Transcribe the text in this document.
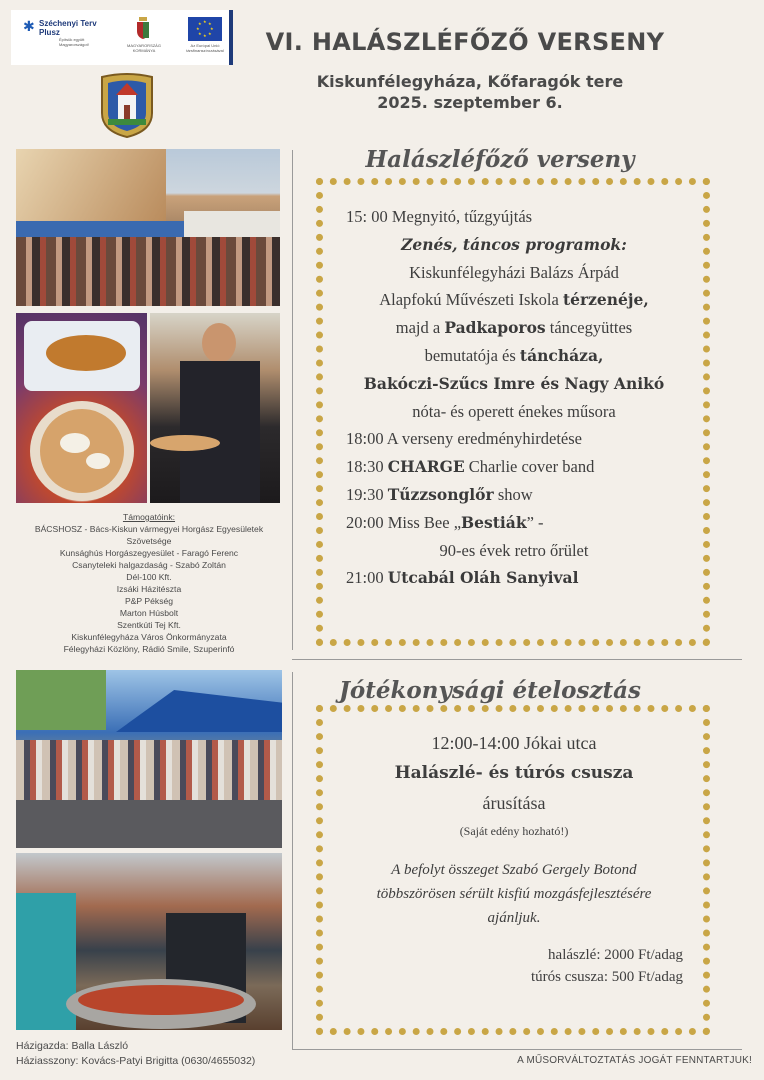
✱ Széchenyi Terv Plusz
Építsük együtt Magyarországot!	MAGYARORSZÁG KORMÁNYA
★ ★
★
★
★
★
★
★
Az Európai Unió társfinanszírozásával	VI. HALÁSZLÉFŐZŐ VERSENY
Kiskunfélegyháza, Kőfaragók tere
2025. szeptember 6.
Támogatóink:
BÁCSHOSZ - Bács-Kiskun vármegyei Horgász Egyesületek
Szövetsége
Kunsághús Horgászegyesület - Faragó Ferenc
Csanyteleki halgazdaság - Szabó Zoltán
Dél-100 Kft.
Izsáki Házitészta
P&P Pékség
Marton Húsbolt
Szentkúti Tej Kft.
Kiskunfélegyháza Város Önkormányzata
Félegyházi Közlöny, Rádió Smile, Szuperinfó
Halászléfőző verseny
15: 00 Megnyitó, tűzgyújtás
Zenés, táncos programok:
Kiskunfélegyházi Balázs Árpád
Alapfokú Művészeti Iskola térzenéje,
majd a Padkaporos táncegyüttes
bemutatója és táncháza,
Bakóczi-Szűcs Imre és Nagy Anikó
nóta- és operett énekes műsora
18:00 A verseny eredményhirdetése
18:30 CHARGE Charlie cover band
19:30 Tűzzsonglőr show
20:00 Miss Bee „Bestiák” -
90-es évek retro őrület
21:00 Utcabál Oláh Sanyival
Jótékonysági ételosztás
12:00-14:00 Jókai utca
Halászlé- és túrós csusza
árusítása
(Saját edény hozható!)
A befolyt összeget Szabó Gergely Botond
többszörösen sérült kisfiú mozgásfejlesztésére
ajánljuk.
halászlé: 2000 Ft/adag
túrós csusza: 500 Ft/adag
Házigazda: Balla László
Háziasszony: Kovács-Patyi Brigitta (0630/4655032)	A MŰSORVÁLTOZTATÁS JOGÁT FENNTARTJUK!
